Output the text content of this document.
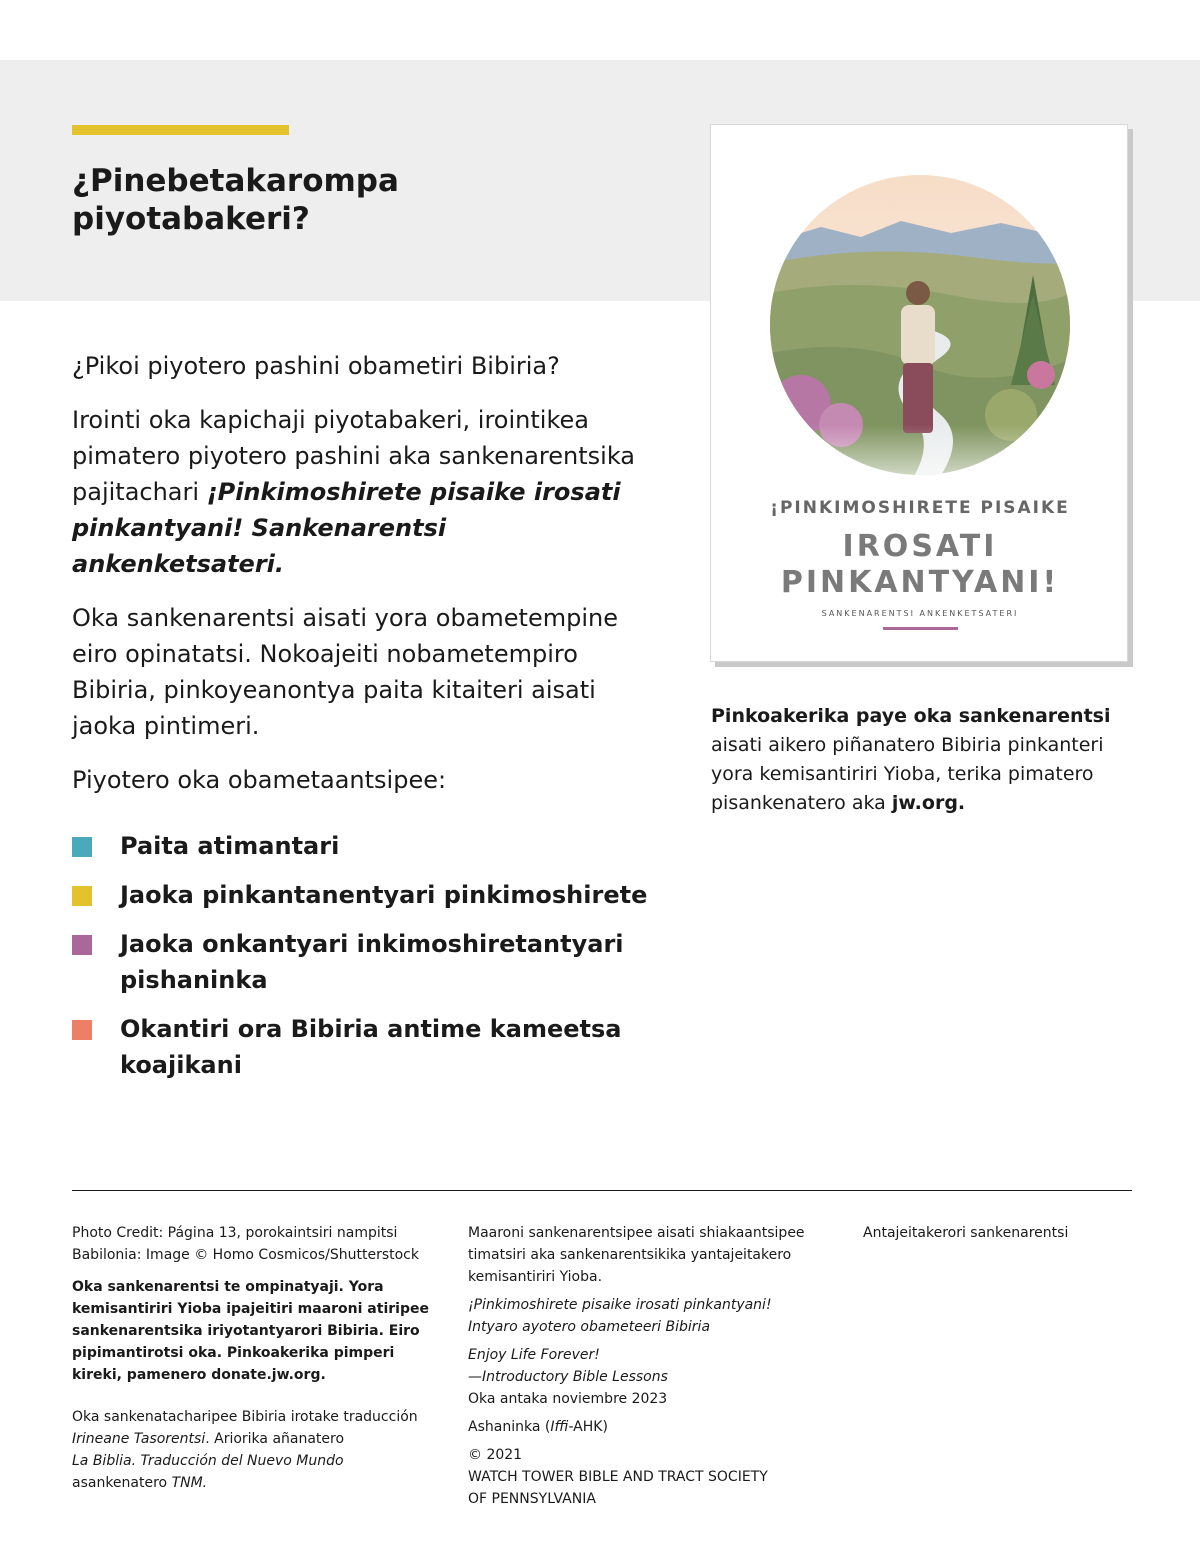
¿Pinebetakarompa
piyotabakeri?

¿Pikoi piyotero pashini obametiri Bibiria?

Irointi oka kapichaji piyotabakeri, irointikea pimatero piyotero pashini aka sankenarentsika pajitachari ¡Pinkimoshirete pisaike irosati pinkantyani! Sankenarentsi ankenketsateri.

Oka sankenarentsi aisati yora obametempine eiro opinatatsi. Nokoajeiti nobametempiro Bibiria, pinkoyeanontya paita kitaiteri aisati jaoka pintimeri.

Piyotero oka obametaantsipee:

Paita atimantari
Jaoka pinkantanentyari pinkimoshirete
Jaoka onkantyari inkimoshiretantyari pishaninka
Okantiri ora Bibiria antime kameetsa koajikani
¡PINKIMOSHIRETE PISAIKE
IROSATI
PINKANTYANI!
SANKENARENTSI ANKENKETSATERI

Pinkoakerika paye oka sankenarentsi aisati aikero piñanatero Bibiria pinkanteri yora kemisantiriri Yioba, terika pimatero pisankenatero aka jw.org.

Photo Credit: Página 13, porokaintsiri nampitsi Babilonia: Image © Homo Cosmicos/Shutterstock

Oka sankenarentsi te ompinatyaji. Yora kemisantiriri Yioba ipajeitiri maaroni atiripee sankenarentsika iriyotantyarori Bibiria. Eiro pipimantirotsi oka. Pinkoakerika pimperi kireki, pamenero donate.jw.org.

Oka sankenatacharipee Bibiria irotake traducción Irineane Tasorentsi. Ariorika añanatero
La Biblia. Traducción del Nuevo Mundo
asankenatero TNM.

Maaroni sankenarentsipee aisati shiakaantsipee timatsiri aka sankenarentsikika yantajeitakero kemisantiriri Yioba.

¡Pinkimoshirete pisaike irosati pinkantyani!
Intyaro ayotero obameteeri Bibiria

Enjoy Life Forever!
—Introductory Bible Lessons

Oka antaka noviembre 2023

Ashaninka (Iffi-AHK)

© 2021
WATCH TOWER BIBLE AND TRACT SOCIETY
OF PENNSYLVANIA

Antajeitakerori sankenarentsi
